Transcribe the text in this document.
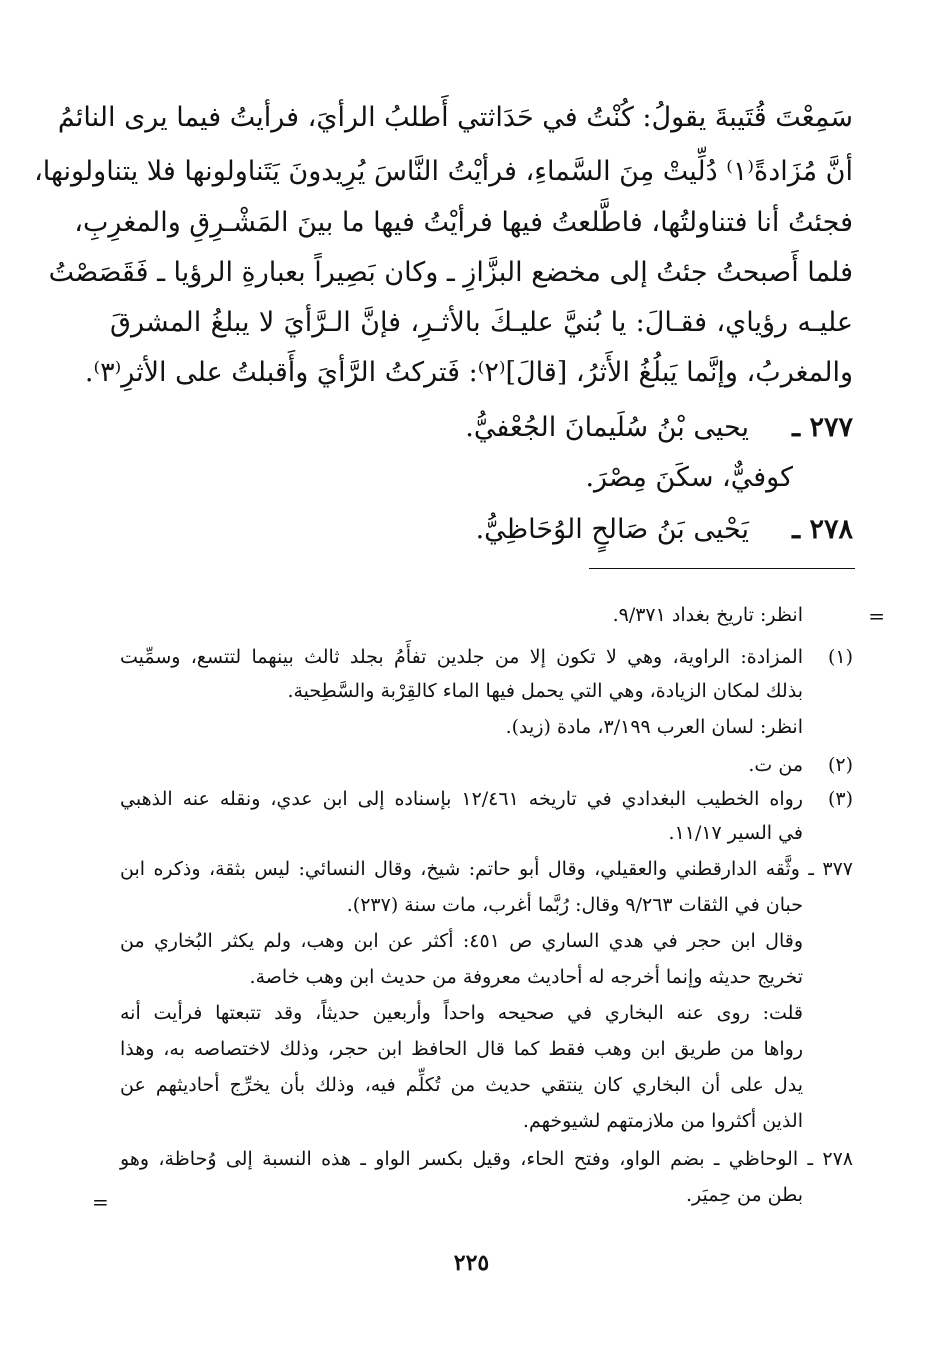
سَمِعْتَ قُتَيبةَ يقولُ: كُنْتُ في حَدَاثتي أَطلبُ الرأيَ، فرأيتُ فيما يرى النائمُ
أنَّ مُزَادةً⁽١⁾ دُلِّيتْ مِنَ السَّماءِ، فرأيْتُ النَّاسَ يُرِيدونَ يَتَناولونها فلا يتناولونها،
فجئتُ أنا فتناولتُها، فاطَّلعتُ فيها فرأيْتُ فيها ما بينَ المَشْـرِقِ والمغرِبِ،
فلما أَصبحتُ جئتُ إلى مخضع البزَّازِ ـ وكان بَصِيراً بعبارةِ الرؤيا ـ فَقَصَصْتُ
عليـه رؤياي، فقـالَ: يا بُنيَّ عليـكَ بالأثـرِ، فإنَّ الـرَّأيَ لا يبلغُ المشرقَ
والمغربُ، وإنَّما يَبلُغُ الأَثرُ، [قالَ]⁽٢⁾: فَتركتُ الرَّأيَ وأَقبلتُ على الأثرِ⁽٣⁾.
٢٧٧ ـ  يحيى بْنُ سُلَيمانَ الجُعْفيُّ.
كوفيٌّ، سكَنَ مِصْرَ.
٢٧٨ ـ  يَحْيى بَنُ صَالحٍ الوُحَاظِيُّ.
=
=
انظر: تاريخ بغداد ٩/٣٧١.
(١)
المزادة: الراوية، وهي لا تكون إلا من جلدين تفأَمُ بجلد ثالث بينهما لتتسع، وسمِّيت
بذلك لمكان الزيادة، وهي التي يحمل فيها الماء كالقِرْبة والسَّطِحية.
انظر: لسان العرب ٣/١٩٩، مادة (زيد).
(٢)
من ت.
(٣)
رواه الخطيب البغدادي في تاريخه ١٢/٤٦١ بإسناده إلى ابن عدي، ونقله عنه الذهبي
في السير ١١/١٧.
٣٧٧ ـ وثَّقه الدارقطني والعقيلي، وقال أبو حاتم: شيخ، وقال النسائي: ليس بثقة، وذكره ابن
حبان في الثقات ٩/٢٦٣ وقال: رُبَّما أغرب، مات سنة (٢٣٧).
وقال ابن حجر في هدي الساري ص ٤٥١: أكثر عن ابن وهب، ولم يكثر البُخاري من
تخريج حديثه وإنما أخرجه له أحاديث معروفة من حديث ابن وهب خاصة.
قلت: روى عنه البخاري في صحيحه واحداً وأربعين حديثاً، وقد تتبعتها فرأيت أنه
رواها من طريق ابن وهب فقط كما قال الحافظ ابن حجر، وذلك لاختصاصه به، وهذا
يدل على أن البخاري كان ينتقي حديث من تُكلِّم فيه، وذلك بأن يخرِّج أحاديثهم عن
الذين أكثروا من ملازمتهم لشيوخهم.
٢٧٨ ـ الوحاظي ـ بضم الواو، وفتح الحاء، وقيل بكسر الواو ـ هذه النسبة إلى وُحاظة، وهو
بطن من حِميَر.
٢٢٥
